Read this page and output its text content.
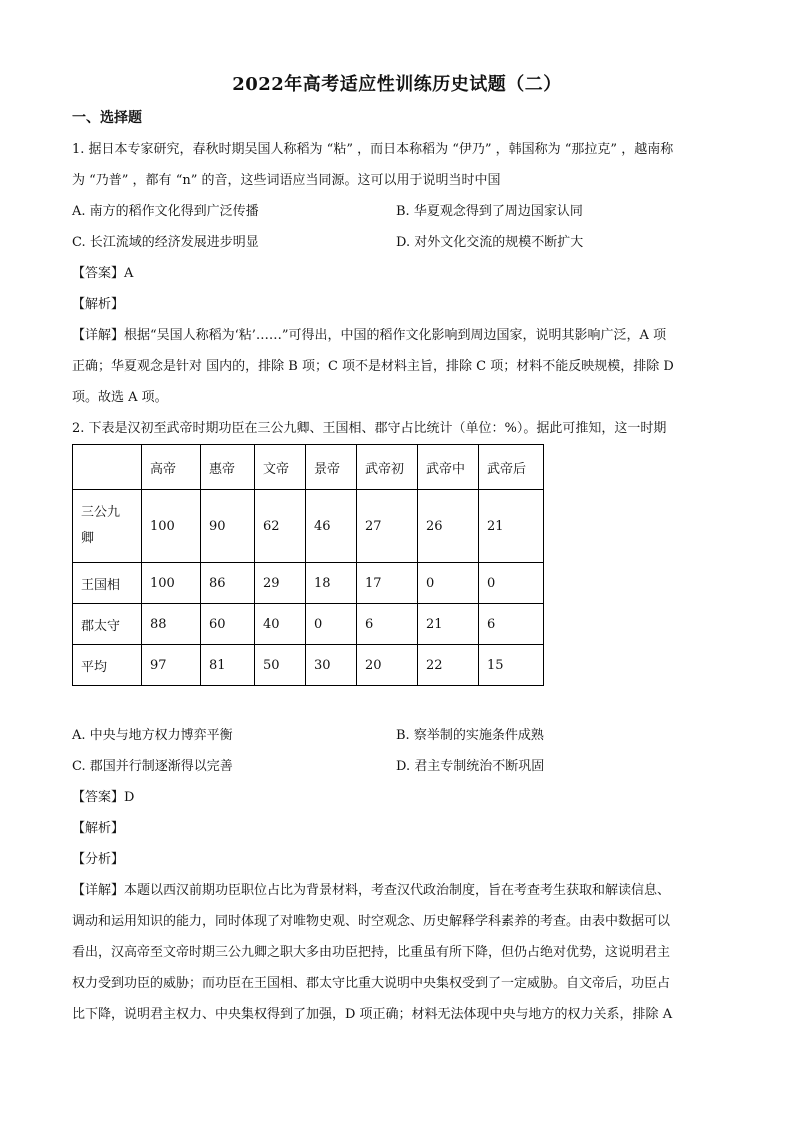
2022年高考适应性训练历史试题（二）
一、选择题
1. 据日本专家研究，春秋时期吴国人称稻为 “粘” ，而日本称稻为 “伊乃” ，韩国称为 “那拉克” ，越南称
为 “乃普” ，都有 “n” 的音，这些词语应当同源。这可以用于说明当时中国
A. 南方的稻作文化得到广泛传播	B. 华夏观念得到了周边国家认同
C. 长江流域的经济发展进步明显	D. 对外文化交流的规模不断扩大
【答案】A
【解析】
【详解】根据“吴国人称稻为‘粘’……”可得出，中国的稻作文化影响到周边国家，说明其影响广泛，A 项
正确；华夏观念是针对 国内的，排除 B 项；C 项不是材料主旨，排除 C 项；材料不能反映规模，排除 D
项。故选 A 项。
2. 下表是汉初至武帝时期功臣在三公九卿、王国相、郡守占比统计（单位：%）。据此可推知，这一时期
	高帝	惠帝	文帝	景帝	武帝初	武帝中	武帝后
三公九
卿	100	90	62	46	27	26	21
王国相	100	86	29	18	17	0	0
郡太守	88	60	40	0	6	21	6
平均	97	81	50	30	20	22	15
A. 中央与地方权力博弈平衡	B. 察举制的实施条件成熟
C. 郡国并行制逐渐得以完善	D. 君主专制统治不断巩固
【答案】D
【解析】
【分析】
【详解】本题以西汉前期功臣职位占比为背景材料，考查汉代政治制度，旨在考查考生获取和解读信息、
调动和运用知识的能力，同时体现了对唯物史观、时空观念、历史解释学科素养的考查。由表中数据可以
看出，汉高帝至文帝时期三公九卿之职大多由功臣把持，比重虽有所下降，但仍占绝对优势，这说明君主
权力受到功臣的威胁；而功臣在王国相、郡太守比重大说明中央集权受到了一定威胁。自文帝后，功臣占
比下降，说明君主权力、中央集权得到了加强，D 项正确；材料无法体现中央与地方的权力关系，排除 A
